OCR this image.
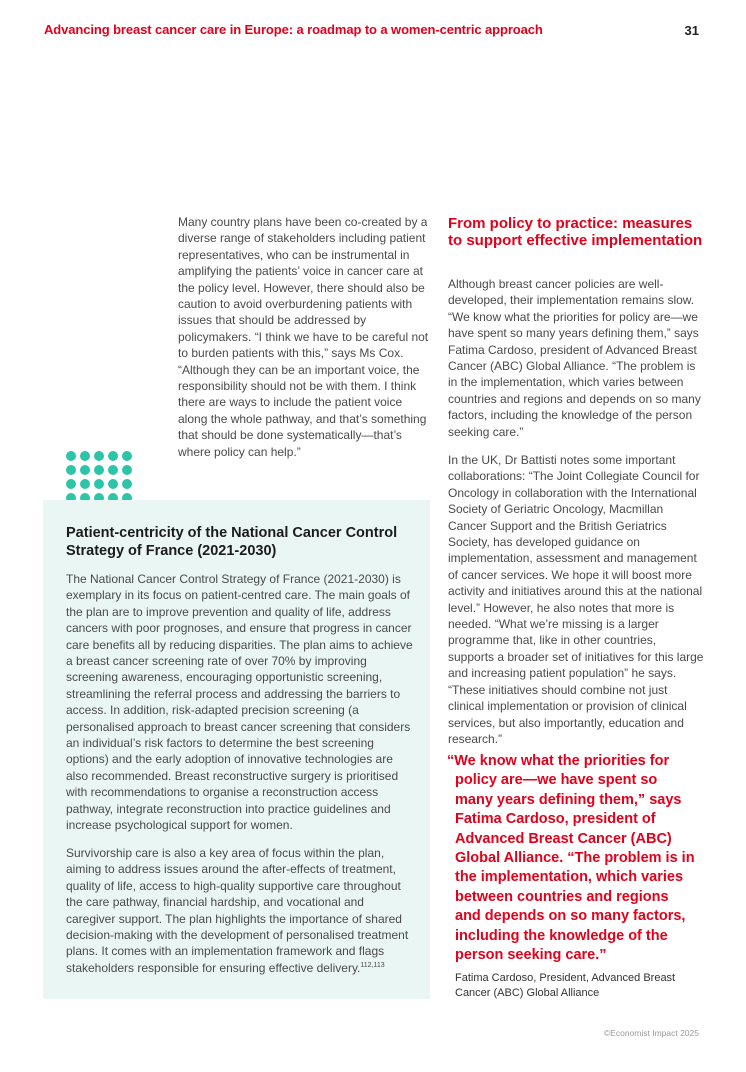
Advancing breast cancer care in Europe: a roadmap to a women-centric approach	31
Many country plans have been co-created by a diverse range of stakeholders including patient representatives, who can be instrumental in amplifying the patients’ voice in cancer care at the policy level. However, there should also be caution to avoid overburdening patients with issues that should be addressed by policymakers. “I think we have to be careful not to burden patients with this,” says Ms Cox. “Although they can be an important voice, the responsibility should not be with them. I think there are ways to include the patient voice along the whole pathway, and that’s something that should be done systematically—that’s where policy can help.”
Patient-centricity of the National Cancer Control Strategy of France (2021-2030)
The National Cancer Control Strategy of France (2021-2030) is exemplary in its focus on patient-centred care. The main goals of the plan are to improve prevention and quality of life, address cancers with poor prognoses, and ensure that progress in cancer care benefits all by reducing disparities. The plan aims to achieve a breast cancer screening rate of over 70% by improving screening awareness, encouraging opportunistic screening, streamlining the referral process and addressing the barriers to access. In addition, risk-adapted precision screening (a personalised approach to breast cancer screening that considers an individual’s risk factors to determine the best screening options) and the early adoption of innovative technologies are also recommended. Breast reconstructive surgery is prioritised with recommendations to organise a reconstruction access pathway, integrate reconstruction into practice guidelines and increase psychological support for women.
Survivorship care is also a key area of focus within the plan, aiming to address issues around the after-effects of treatment, quality of life, access to high-quality supportive care throughout the care pathway, financial hardship, and vocational and caregiver support. The plan highlights the importance of shared decision-making with the development of personalised treatment plans. It comes with an implementation framework and flags stakeholders responsible for ensuring effective delivery.$^{112,113}$
From policy to practice: measures to support effective implementation
Although breast cancer policies are well-developed, their implementation remains slow. “We know what the priorities for policy are—we have spent so many years defining them,” says Fatima Cardoso, president of Advanced Breast Cancer (ABC) Global Alliance. “The problem is in the implementation, which varies between countries and regions and depends on so many factors, including the knowledge of the person seeking care.”
In the UK, Dr Battisti notes some important collaborations: “The Joint Collegiate Council for Oncology in collaboration with the International Society of Geriatric Oncology, Macmillan Cancer Support and the British Geriatrics Society, has developed guidance on implementation, assessment and management of cancer services. We hope it will boost more activity and initiatives around this at the national level.” However, he also notes that more is needed. “What we’re missing is a larger programme that, like in other countries, supports a broader set of initiatives for this large and increasing patient population” he says. “These initiatives should combine not just clinical implementation or provision of clinical services, but also importantly, education and research.”
“We know what the priorities for policy are—we have spent so many years defining them,” says Fatima Cardoso, president of Advanced Breast Cancer (ABC) Global Alliance. “The problem is in the implementation, which varies between countries and regions and depends on so many factors, including the knowledge of the person seeking care.”
Fatima Cardoso, President, Advanced Breast Cancer (ABC) Global Alliance
©Economist Impact 2025
